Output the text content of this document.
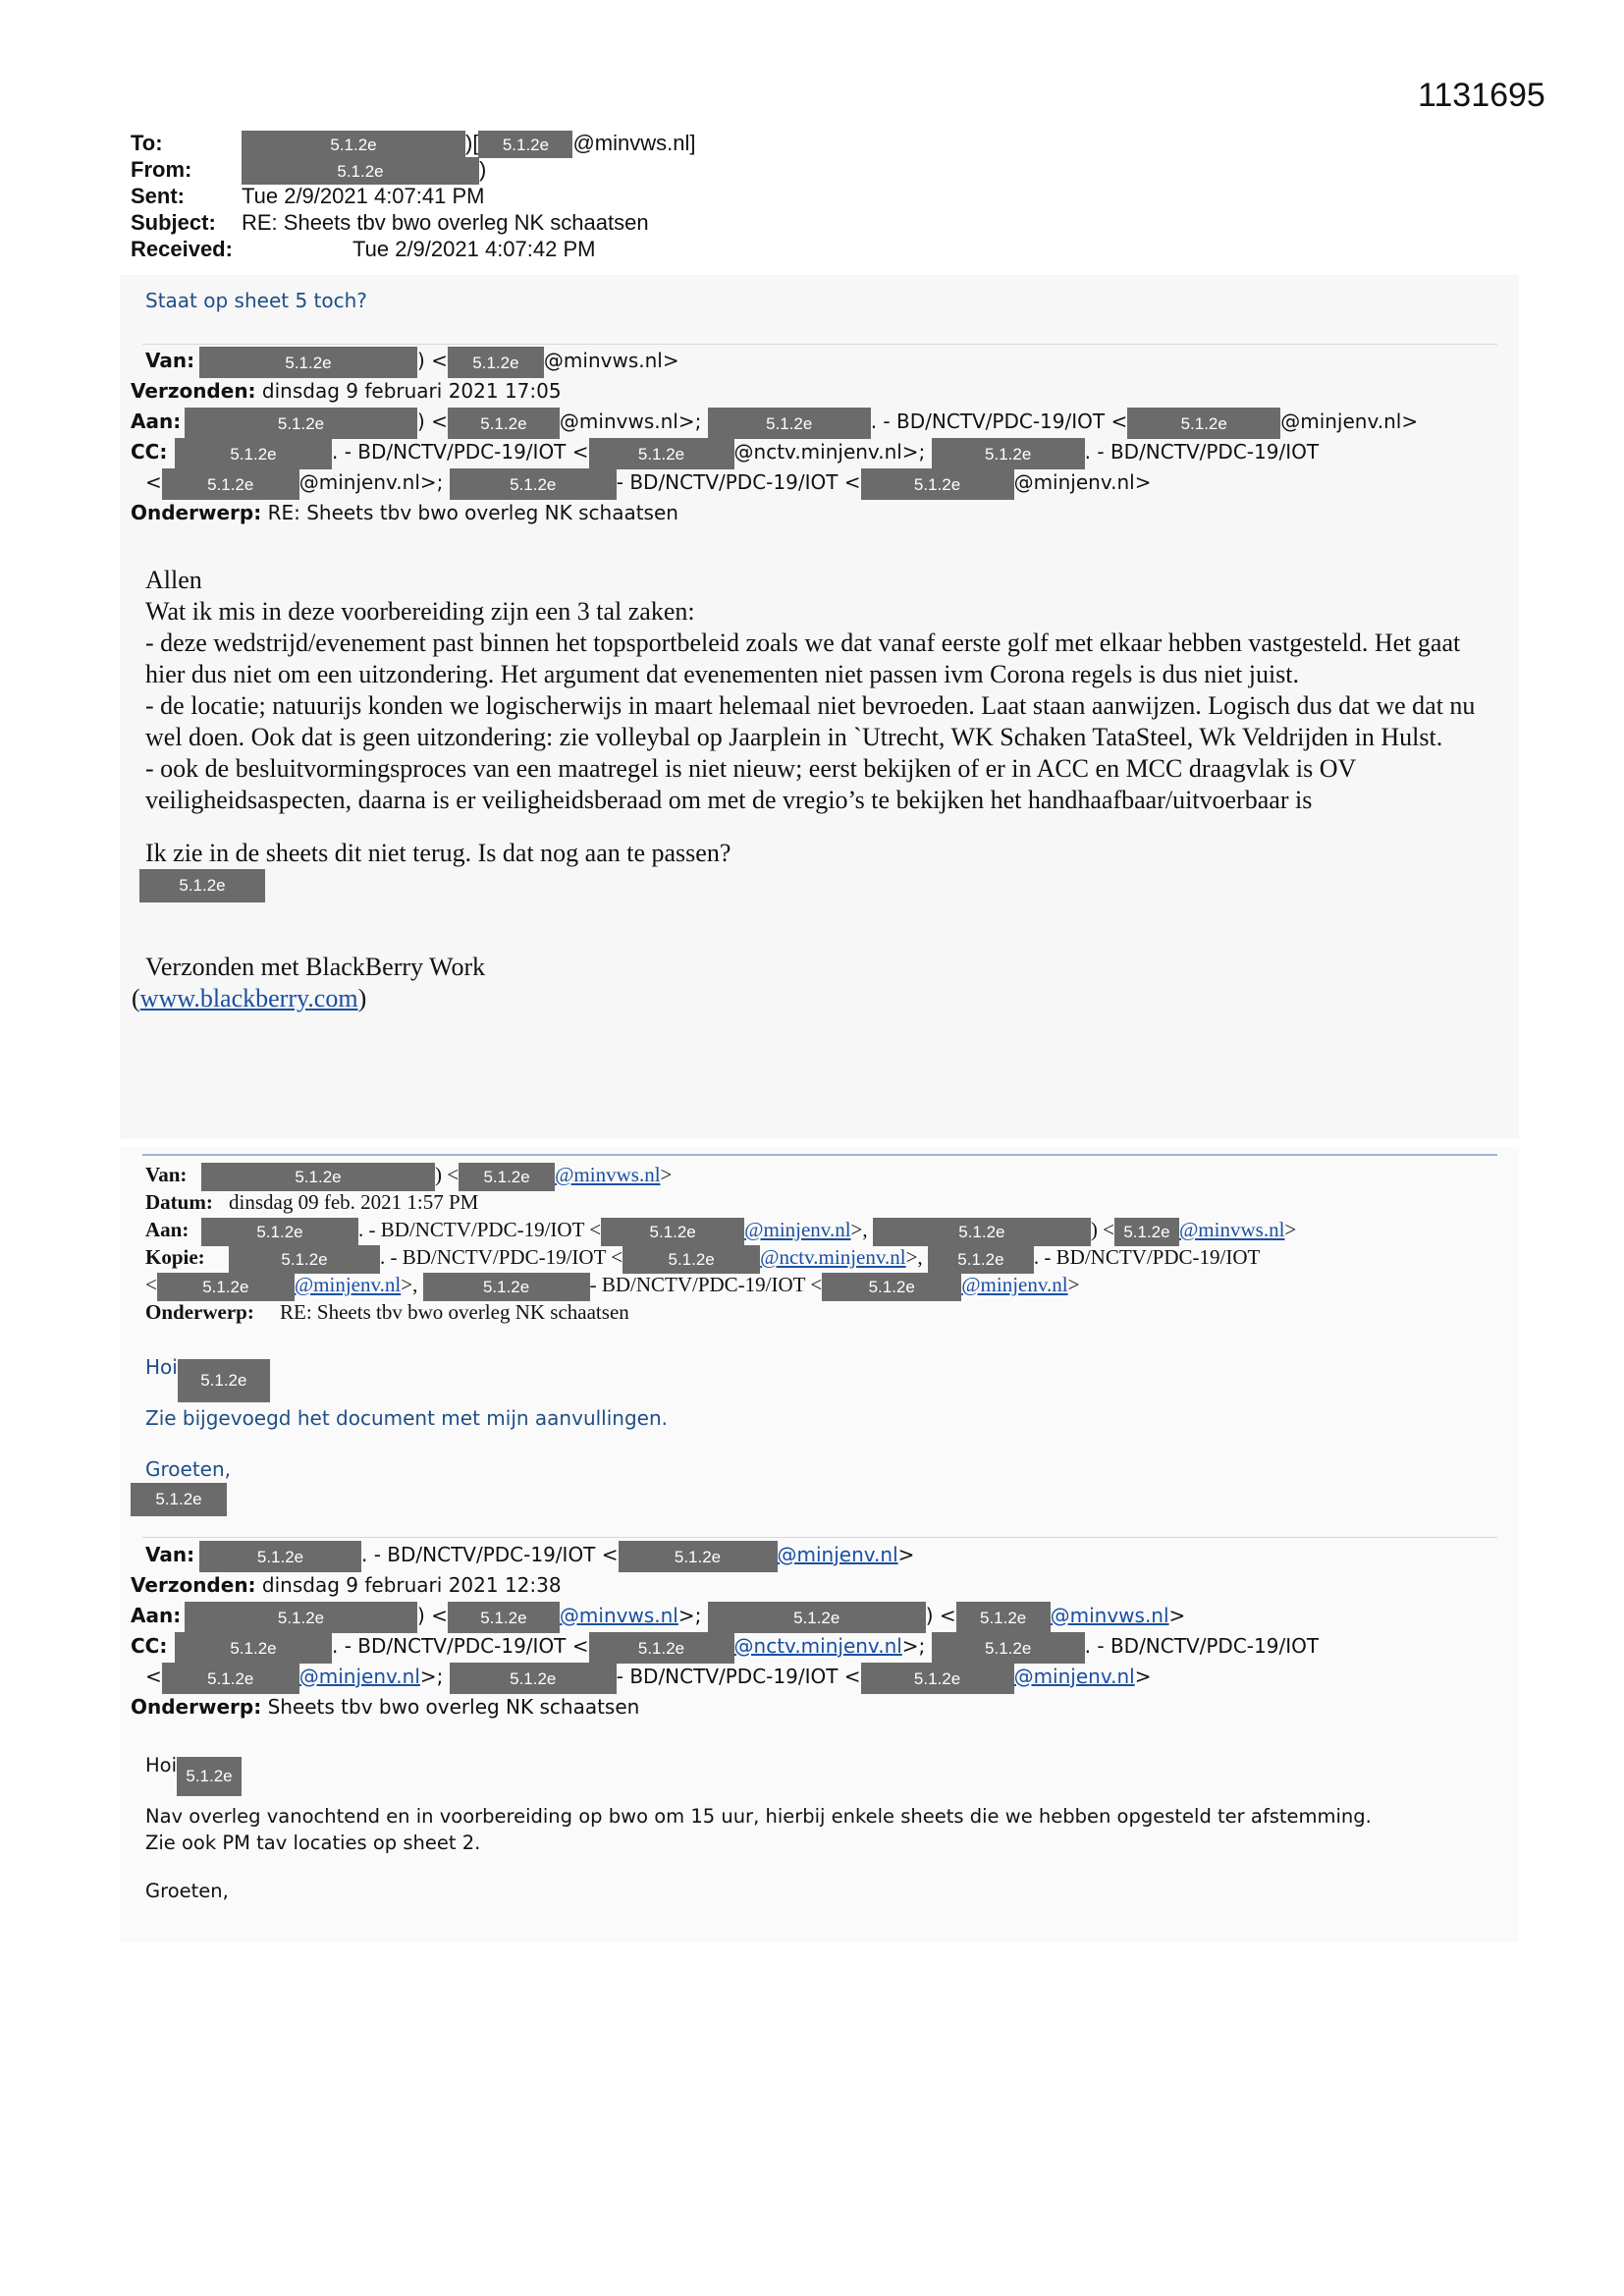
1131695
To:	5.1.2e	)[ 5.1.2e @minvws.nl]
From:	5.1.2e	)
Sent:	Tue 2/9/2021 4:07:41 PM
Subject: RE: Sheets tbv bwo overleg NK schaatsen
Received:	Tue 2/9/2021 4:07:42 PM
Staat op sheet 5 toch?
Van:	5.1.2e	) < 5.1.2e @minvws.nl>
Verzonden: dinsdag 9 februari 2021 17:05
Aan:	5.1.2e	) < 5.1.2e @minvws.nl>;	5.1.2e	. - BD/NCTV/PDC-19/IOT <	5.1.2e	@minjenv.nl>
CC:	5.1.2e	. - BD/NCTV/PDC-19/IOT <	5.1.2e	@nctv.minjenv.nl>;	5.1.2e	. - BD/NCTV/PDC-19/IOT
<	5.1.2e @minjenv.nl>;	5.1.2e	- BD/NCTV/PDC-19/IOT <	5.1.2e	@minjenv.nl>
Onderwerp: RE: Sheets tbv bwo overleg NK schaatsen

Allen

Wat ik mis in deze voorbereiding zijn een 3 tal zaken:

- deze wedstrijd/evenement past binnen het topsportbeleid zoals we dat vanaf eerste golf met elkaar hebben vastgesteld. Het gaat hier dus niet om een uitzondering. Het argument dat evenementen niet passen ivm Corona regels is dus niet juist.

- de locatie; natuurijs konden we logischerwijs in maart helemaal niet bevroeden. Laat staan aanwijzen. Logisch dus dat we dat nu wel doen. Ook dat is geen uitzondering: zie volleybal op Jaarplein in `Utrecht, WK Schaken TataSteel, Wk Veldrijden in Hulst.

- ook de besluitvormingsproces van een maatregel is niet nieuw; eerst bekijken of er in ACC en MCC draagvlak is OV veiligheidsaspecten, daarna is er veiligheidsberaad om met de vregio’s te bekijken het handhaafbaar/uitvoerbaar is

Ik zie in de sheets dit niet terug. Is dat nog aan te passen?

5.1.2e

Verzonden met BlackBerry Work

(www.blackberry.com)

Van:	5.1.2e	) < 5.1.2e @minvws.nl>
Datum: dinsdag 09 feb. 2021 1:57 PM
Aan:	5.1.2e	. - BD/NCTV/PDC-19/IOT <	5.1.2e @minjenv.nl>,	5.1.2e	) < 5.1.2e @minvws.nl>
Kopie:	5.1.2e	. - BD/NCTV/PDC-19/IOT <	5.1.2e @nctv.minjenv.nl>, 5.1.2e . - BD/NCTV/PDC-19/IOT
<	5.1.2e @minjenv.nl>,	5.1.2e	- BD/NCTV/PDC-19/IOT <	5.1.2e @minjenv.nl>
Onderwerp: RE: Sheets tbv bwo overleg NK schaatsen
Hoi5.1.2e
Zie bijgevoegd het document met mijn aanvullingen.
Groeten,
5.1.2e
Van:	5.1.2e	. - BD/NCTV/PDC-19/IOT <	5.1.2e	@minjenv.nl>
Verzonden: dinsdag 9 februari 2021 12:38
Aan:	5.1.2e	) < 5.1.2e @minvws.nl>;	5.1.2e	) < 5.1.2e @minvws.nl>
CC:	5.1.2e	. - BD/NCTV/PDC-19/IOT <	5.1.2e	@nctv.minjenv.nl>;	5.1.2e	. - BD/NCTV/PDC-19/IOT
<	5.1.2e @minjenv.nl>;	5.1.2e	- BD/NCTV/PDC-19/IOT <	5.1.2e	@minjenv.nl>
Onderwerp: Sheets tbv bwo overleg NK schaatsen
Hoi 5.1.2e

Nav overleg vanochtend en in voorbereiding op bwo om 15 uur, hierbij enkele sheets die we hebben opgesteld ter afstemming.

Zie ook PM tav locaties op sheet 2.

Groeten,
